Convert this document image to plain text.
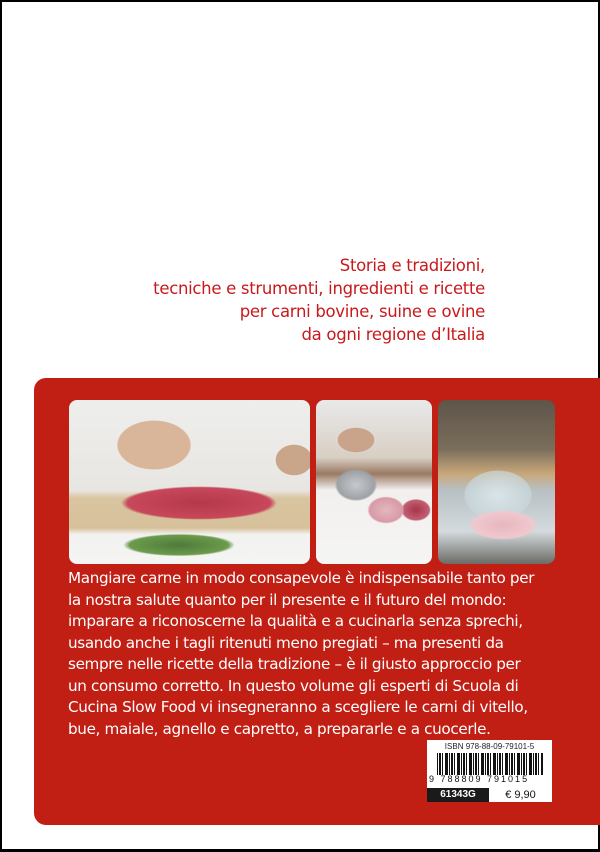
Storia e tradizioni,
tecniche e strumenti, ingredienti e ricette
per carni bovine, suine e ovine
da ogni regione d’Italia
Mangiare carne in modo consapevole è indispensabile tanto per
la nostra salute quanto per il presente e il futuro del mondo:
imparare a riconoscerne la qualità e a cucinarla senza sprechi,
usando anche i tagli ritenuti meno pregiati – ma presenti da
sempre nelle ricette della tradizione – è il giusto approccio per
un consumo corretto. In questo volume gli esperti di Scuola di
Cucina Slow Food vi insegneranno a scegliere le carni di vitello,
bue, maiale, agnello e capretto, a prepararle e a cuocerle.
ISBN 978-88-09-79101-5
9 788809 791015
61343G	€ 9,90
